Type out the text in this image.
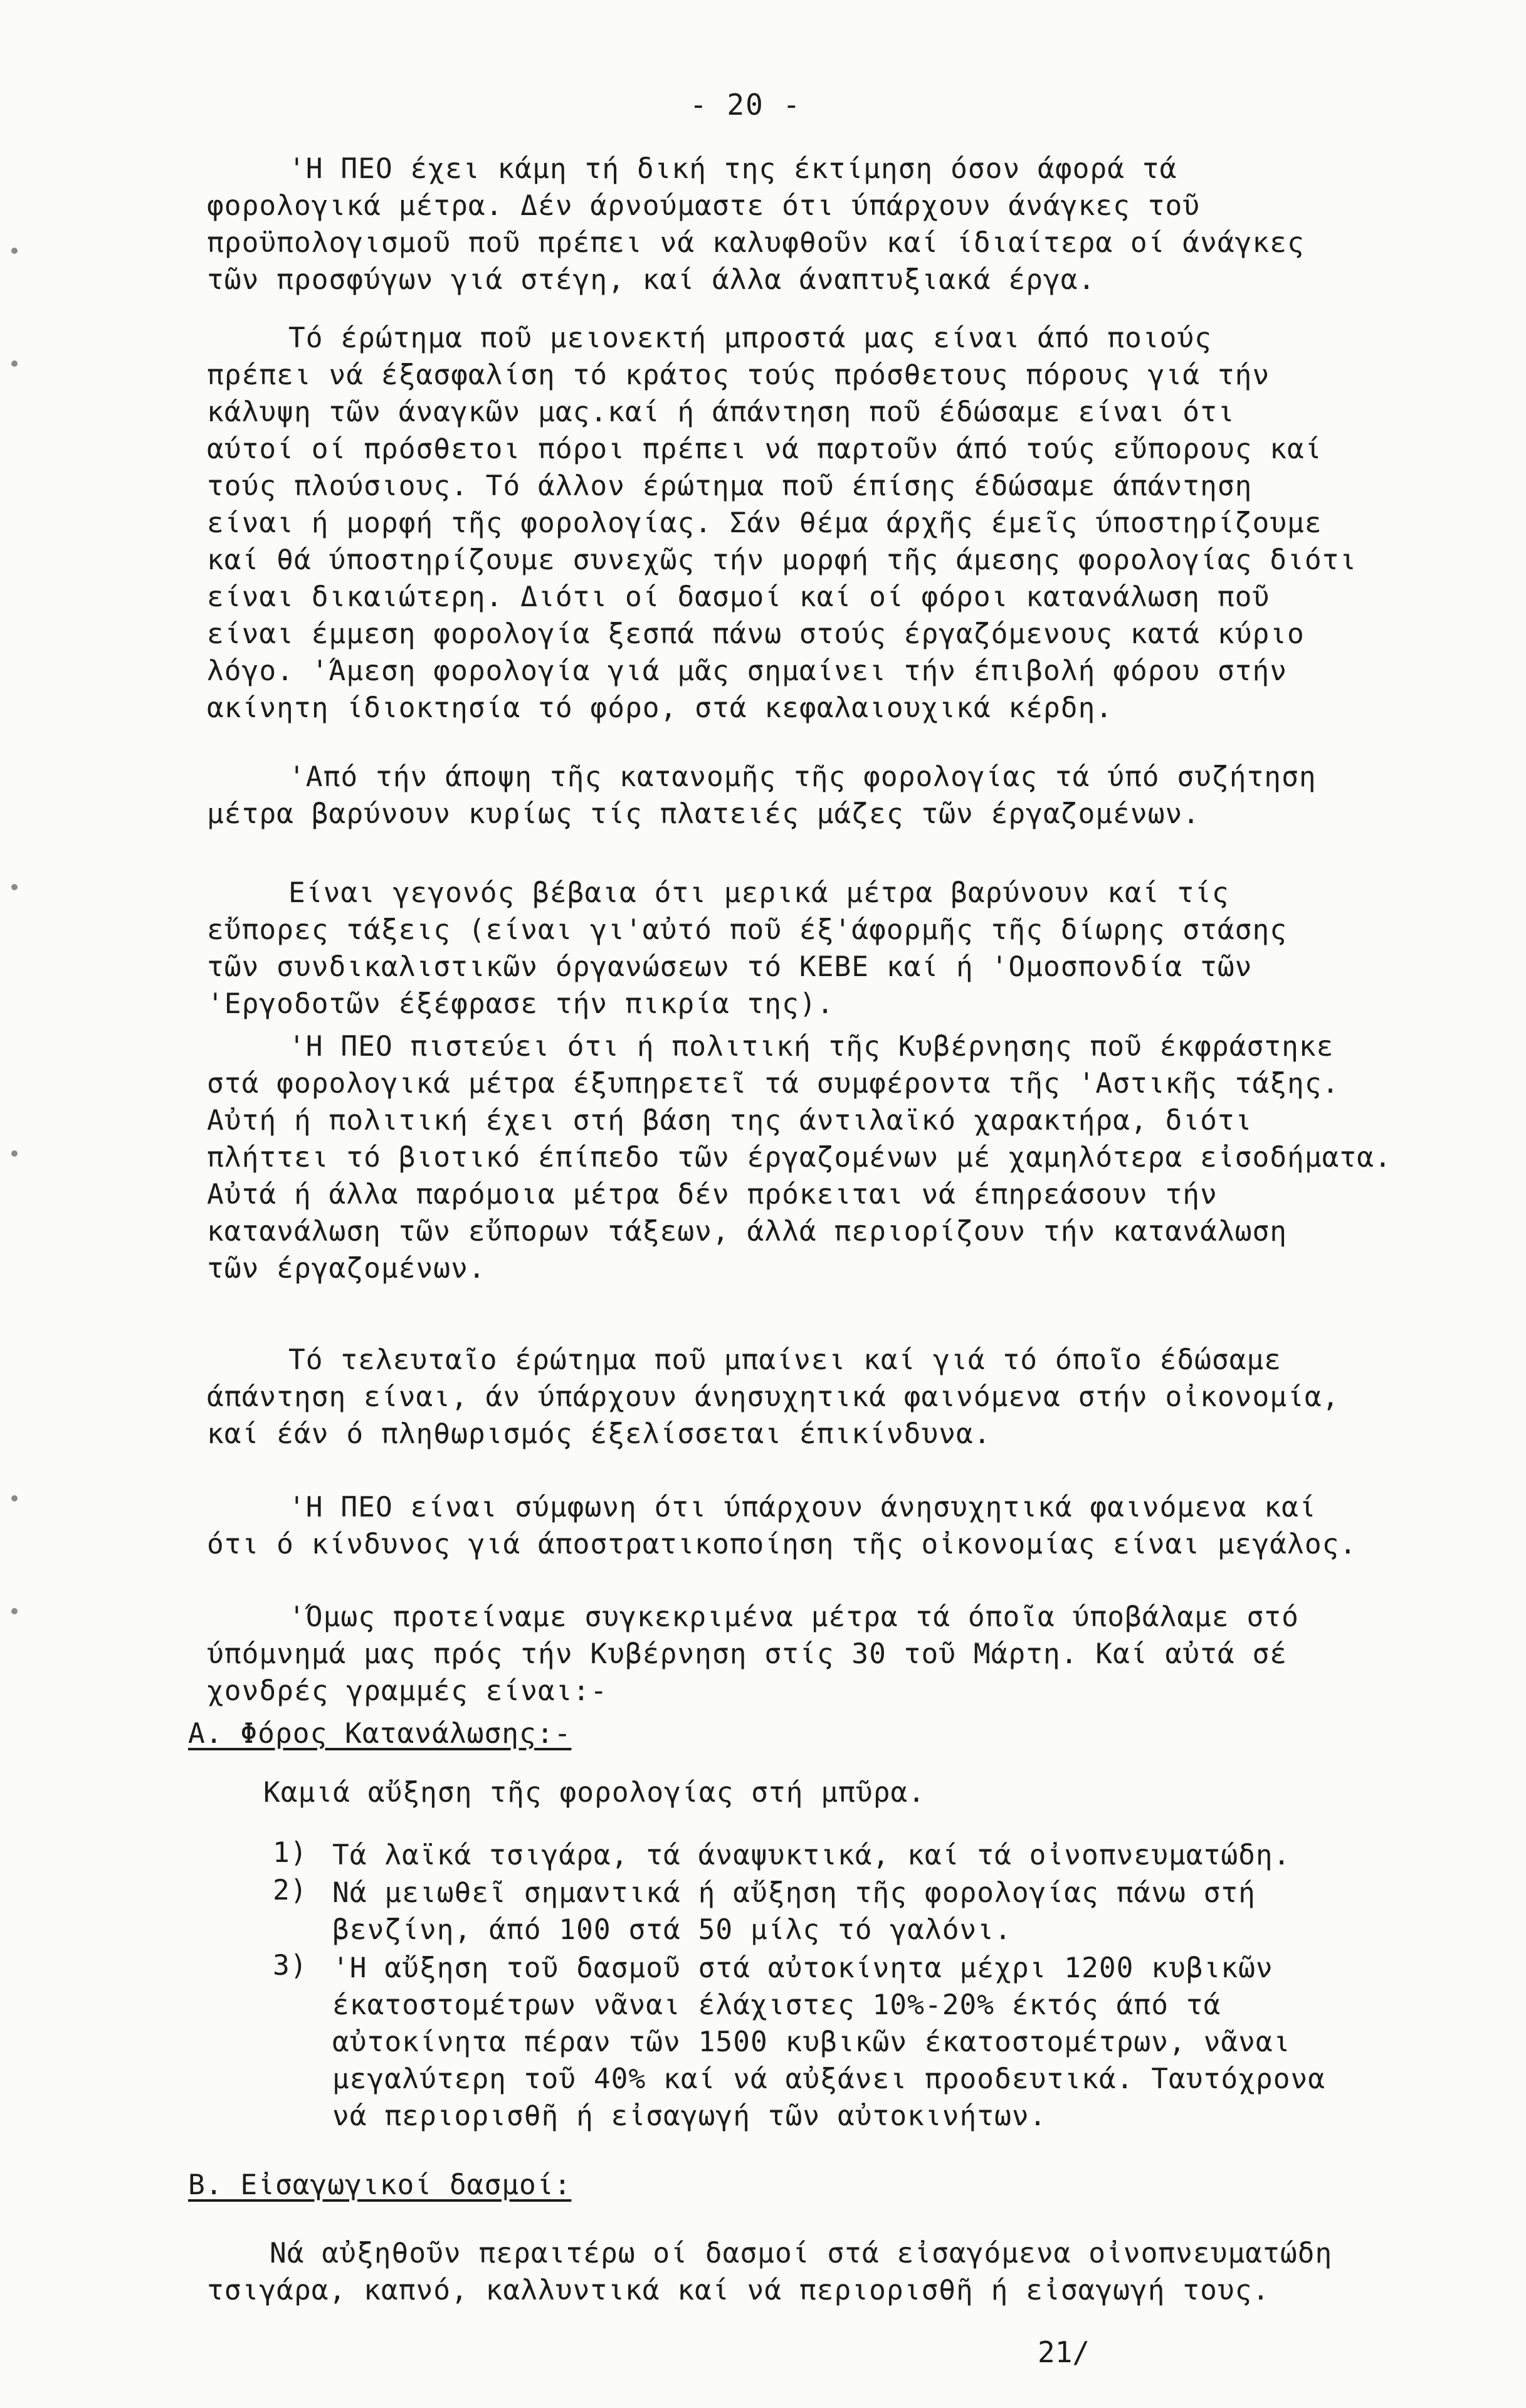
- 20 -
'Η ΠΕΟ έχει κάμη τή δική της έκτίμηση όσον άφορά τά
φορολογικά μέτρα. Δέν άρνούμαστε ότι ύπάρχουν άνάγκες τοῦ
προϋπολογισμοῦ ποῦ πρέπει νά καλυφθοῦν καί ίδιαίτερα οί άνάγκες
τῶν προσφύγων γιά στέγη, καί άλλα άναπτυξιακά έργα.
Τό έρώτημα ποῦ μειονεκτή μπροστά μας είναι άπό ποιούς
πρέπει νά έξασφαλίση τό κράτος τούς πρόσθετους πόρους γιά τήν
κάλυψη τῶν άναγκῶν μας.καί ή άπάντηση ποῦ έδώσαμε είναι ότι
αύτοί οί πρόσθετοι πόροι πρέπει νά παρτοῦν άπό τούς εὔπορους καί
τούς πλούσιους. Τό άλλον έρώτημα ποῦ έπίσης έδώσαμε άπάντηση
είναι ή μορφή τῆς φορολογίας. Σάν θέμα άρχῆς έμεῖς ύποστηρίζουμε
καί θά ύποστηρίζουμε συνεχῶς τήν μορφή τῆς άμεσης φορολογίας διότι
είναι δικαιώτερη. Διότι οί δασμοί καί οί φόροι κατανάλωση ποῦ
είναι έμμεση φορολογία ξεσπά πάνω στούς έργαζόμενους κατά κύριο
λόγο. 'Άμεση φορολογία γιά μᾶς σημαίνει τήν έπιβολή φόρου στήν
ακίνητη ίδιοκτησία τό φόρο, στά κεφαλαιουχικά κέρδη.
'Από τήν άποψη τῆς κατανομῆς τῆς φορολογίας τά ύπό συζήτηση
μέτρα βαρύνουν κυρίως τίς πλατειές μάζες τῶν έργαζομένων.
Είναι γεγονός βέβαια ότι μερικά μέτρα βαρύνουν καί τίς
εὔπορες τάξεις (είναι γι'αὐτό ποῦ έξ'άφορμῆς τῆς δίωρης στάσης
τῶν συνδικαλιστικῶν όργανώσεων τό ΚΕΒΕ καί ή 'Ομοσπονδία τῶν
'Εργοδοτῶν έξέφρασε τήν πικρία της).
'Η ΠΕΟ πιστεύει ότι ή πολιτική τῆς Κυβέρνησης ποῦ έκφράστηκε
στά φορολογικά μέτρα έξυπηρετεῖ τά συμφέροντα τῆς 'Αστικῆς τάξης.
Αὐτή ή πολιτική έχει στή βάση της άντιλαϊκό χαρακτήρα, διότι
πλήττει τό βιοτικό έπίπεδο τῶν έργαζομένων μέ χαμηλότερα εἰσοδήματα.
Αὐτά ή άλλα παρόμοια μέτρα δέν πρόκειται νά έπηρεάσουν τήν
κατανάλωση τῶν εὔπορων τάξεων, άλλά περιορίζουν τήν κατανάλωση
τῶν έργαζομένων.
Τό τελευταῖο έρώτημα ποῦ μπαίνει καί γιά τό όποῖο έδώσαμε
άπάντηση είναι, άν ύπάρχουν άνησυχητικά φαινόμενα στήν οἰκονομία,
καί έάν ό πληθωρισμός έξελίσσεται έπικίνδυνα.
'Η ΠΕΟ είναι σύμφωνη ότι ύπάρχουν άνησυχητικά φαινόμενα καί
ότι ό κίνδυνος γιά άποστρατικοποίηση τῆς οἰκονομίας είναι μεγάλος.
'Όμως προτείναμε συγκεκριμένα μέτρα τά όποῖα ύποβάλαμε στό
ύπόμνημά μας πρός τήν Κυβέρνηση στίς 30 τοῦ Μάρτη. Καί αὐτά σέ
χονδρές γραμμές είναι:-
Α. Φόρος Κατανάλωσης:-
Καμιά αὔξηση τῆς φορολογίας στή μπῦρα.
1) Τά λαϊκά τσιγάρα, τά άναψυκτικά, καί τά οἰνοπνευματώδη.
2) Νά μειωθεῖ σημαντικά ή αὔξηση τῆς φορολογίας πάνω στή
βενζίνη, άπό 100 στά 50 μίλς τό γαλόνι.
3) 'Η αὔξηση τοῦ δασμοῦ στά αὐτοκίνητα μέχρι 1200 κυβικῶν
έκατοστομέτρων νᾶναι έλάχιστες 10%-20% έκτός άπό τά
αὐτοκίνητα πέραν τῶν 1500 κυβικῶν έκατοστομέτρων, νᾶναι
μεγαλύτερη τοῦ 40% καί νά αὐξάνει προοδευτικά. Ταυτόχρονα
νά περιορισθῆ ή εἰσαγωγή τῶν αὐτοκινήτων.
Β. Εἰσαγωγικοί δασμοί:
Νά αὐξηθοῦν περαιτέρω οί δασμοί στά εἰσαγόμενα οἰνοπνευματώδη
τσιγάρα, καπνό, καλλυντικά καί νά περιορισθῆ ή εἰσαγωγή τους.
21/
